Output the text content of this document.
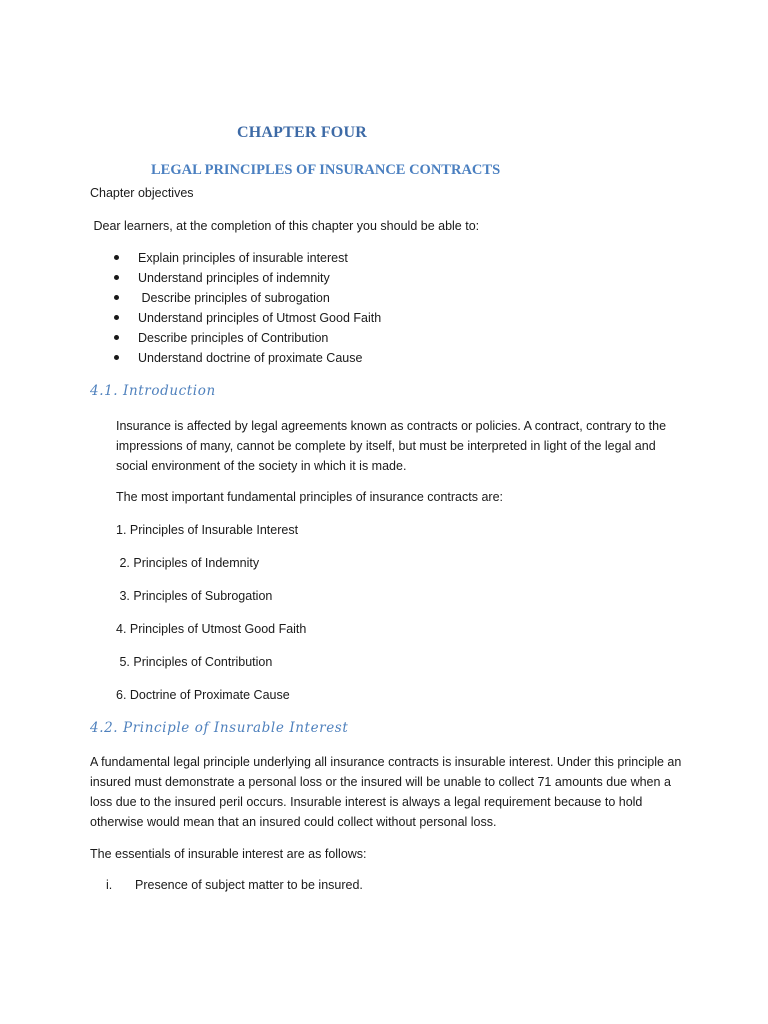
CHAPTER FOUR
LEGAL PRINCIPLES OF INSURANCE CONTRACTS
Chapter objectives
Dear learners, at the completion of this chapter you should be able to:
Explain principles of insurable interest
Understand principles of indemnity
Describe principles of subrogation
Understand principles of Utmost Good Faith
Describe principles of Contribution
Understand doctrine of proximate Cause
4.1. Introduction
Insurance is affected by legal agreements known as contracts or policies. A contract, contrary to the impressions of many, cannot be complete by itself, but must be interpreted in light of the legal and social environment of the society in which it is made.
The most important fundamental principles of insurance contracts are:
1. Principles of Insurable Interest
2. Principles of Indemnity
3. Principles of Subrogation
4. Principles of Utmost Good Faith
5. Principles of Contribution
6. Doctrine of Proximate Cause
4.2. Principle of Insurable Interest
A fundamental legal principle underlying all insurance contracts is insurable interest. Under this principle an insured must demonstrate a personal loss or the insured will be unable to collect 71 amounts due when a loss due to the insured peril occurs. Insurable interest is always a legal requirement because to hold otherwise would mean that an insured could collect without personal loss.
The essentials of insurable interest are as follows:
i. Presence of subject matter to be insured.
